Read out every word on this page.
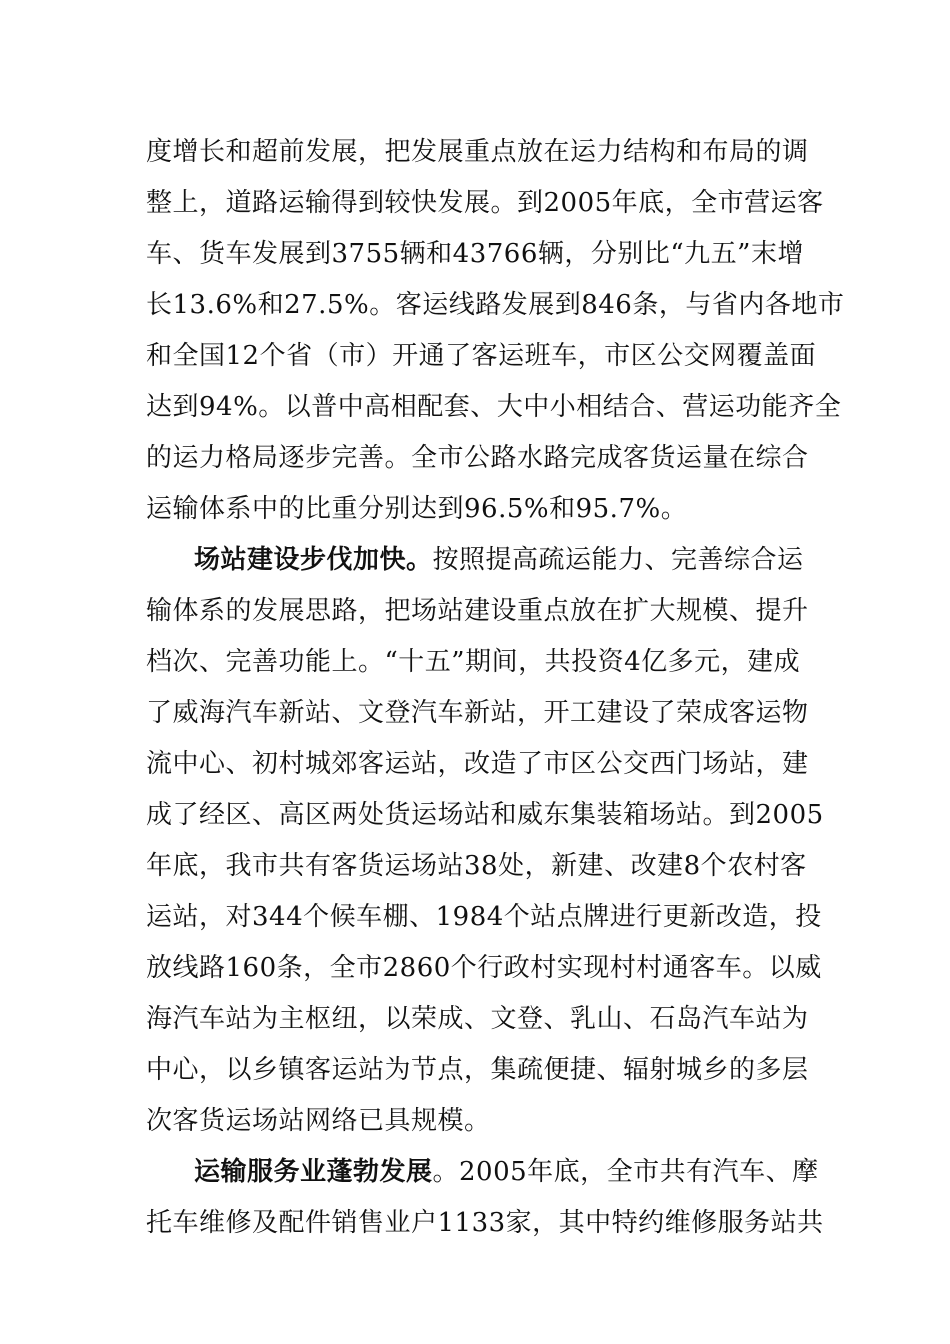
度增长和超前发展，把发展重点放在运力结构和布局的调
整上，道路运输得到较快发展。到2005年底，全市营运客
车、货车发展到3755辆和43766辆，分别比“九五”末增
长13.6%和27.5%。客运线路发展到846条，与省内各地市
和全国12个省（市）开通了客运班车，市区公交网覆盖面
达到94%。以普中高相配套、大中小相结合、营运功能齐全
的运力格局逐步完善。全市公路水路完成客货运量在综合
运输体系中的比重分别达到96.5%和95.7%。
场站建设步伐加快。按照提高疏运能力、完善综合运
输体系的发展思路，把场站建设重点放在扩大规模、提升
档次、完善功能上。“十五”期间，共投资4亿多元，建成
了威海汽车新站、文登汽车新站，开工建设了荣成客运物
流中心、初村城郊客运站，改造了市区公交西门场站，建
成了经区、高区两处货运场站和威东集装箱场站。到2005
年底，我市共有客货运场站38处，新建、改建8个农村客
运站，对344个候车棚、1984个站点牌进行更新改造，投
放线路160条，全市2860个行政村实现村村通客车。以威
海汽车站为主枢纽，以荣成、文登、乳山、石岛汽车站为
中心，以乡镇客运站为节点，集疏便捷、辐射城乡的多层
次客货运场站网络已具规模。
运输服务业蓬勃发展。2005年底，全市共有汽车、摩
托车维修及配件销售业户1133家，其中特约维修服务站共
